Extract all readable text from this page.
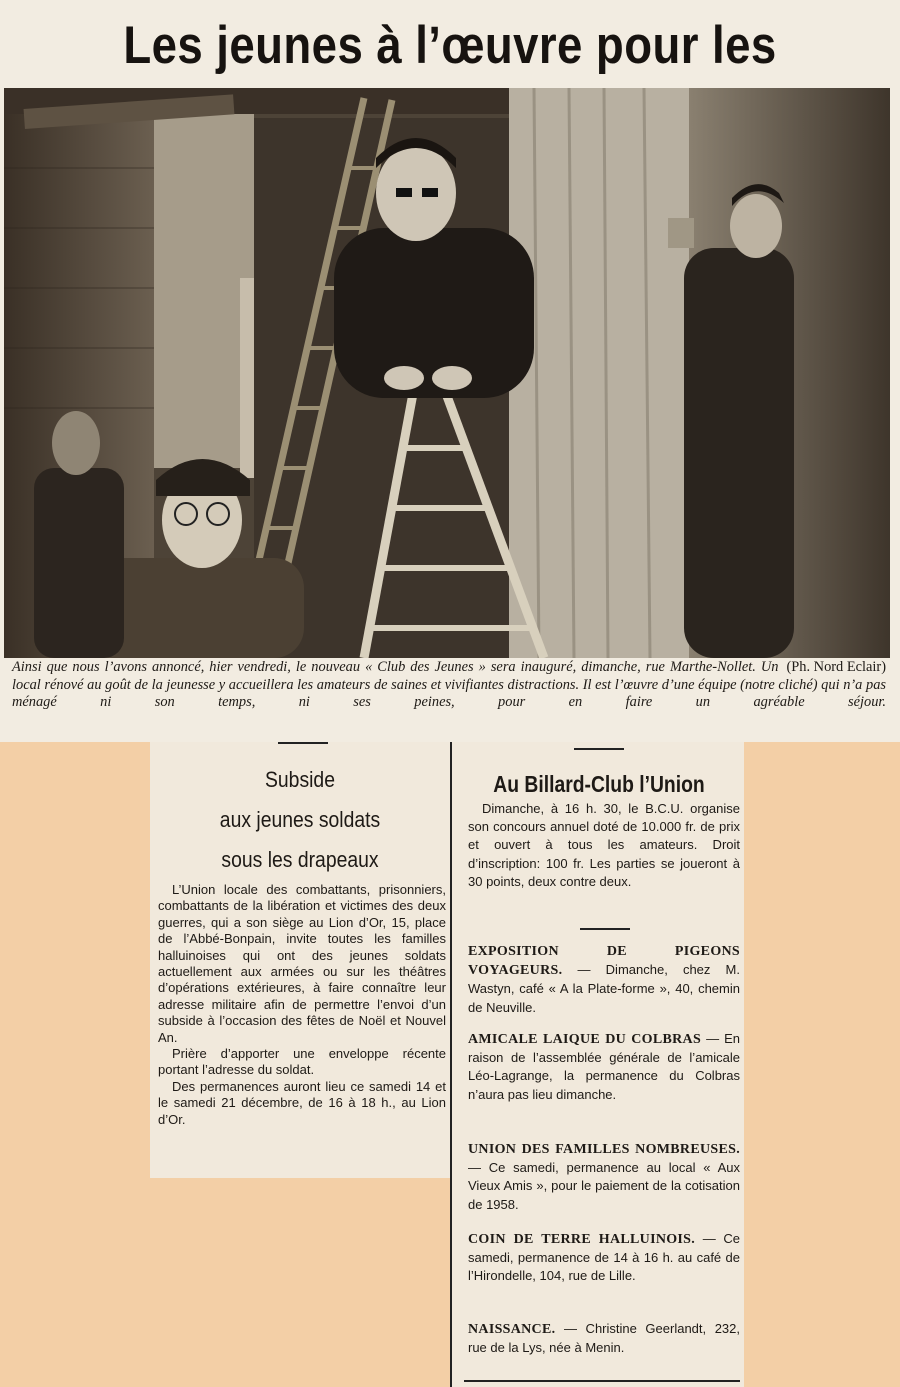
Les jeunes à l’œuvre pour les

(Ph. Nord Eclair)
Ainsi que nous l’avons annoncé, hier vendredi, le nouveau « Club des Jeunes » sera inauguré, dimanche, rue Marthe-Nollet. Un local rénové au goût de la jeunesse y accueillera les amateurs de saines et vivifiantes distractions. Il est l’œuvre d’une équipe (notre cliché) qui n’a pas ménagé ni son temps, ni ses peines, pour en faire un agréable séjour.

Subside
aux jeunes soldats
sous les drapeaux

L’Union locale des combattants, prisonniers, combattants de la libération et victimes des deux guerres, qui a son siège au Lion d’Or, 15, place de l’Abbé-Bonpain, invite toutes les familles halluinoises qui ont des jeunes soldats actuellement aux armées ou sur les théâtres d’opérations extérieures, à faire connaître leur adresse militaire afin de permettre l’envoi d’un subside à l’occasion des fêtes de Noël et Nouvel An.

Prière d’apporter une enveloppe récente portant l’adresse du soldat.

Des permanences auront lieu ce samedi 14 et le samedi 21 décembre, de 16 à 18 h., au Lion d’Or.

Au Billard-Club l’Union

Dimanche, à 16 h. 30, le B.C.U. organise son concours annuel doté de 10.000 fr. de prix et ouvert à tous les amateurs. Droit d’inscription: 100 fr. Les parties se joueront à 30 points, deux contre deux.

EXPOSITION DE PIGEONS VOYAGEURS. — Dimanche, chez M. Wastyn, café « A la Plate-forme », 40, chemin de Neuville.

AMICALE LAIQUE DU COLBRAS — En raison de l’assemblée générale de l’amicale Léo-Lagrange, la permanence du Colbras n’aura pas lieu dimanche.

UNION DES FAMILLES NOMBREUSES. — Ce samedi, permanence au local « Aux Vieux Amis », pour le paiement de la cotisation de 1958.

COIN DE TERRE HALLUINOIS. — Ce samedi, permanence de 14 à 16 h. au café de l’Hirondelle, 104, rue de Lille.

NAISSANCE. — Christine Geerlandt, 232, rue de la Lys, née à Menin.
